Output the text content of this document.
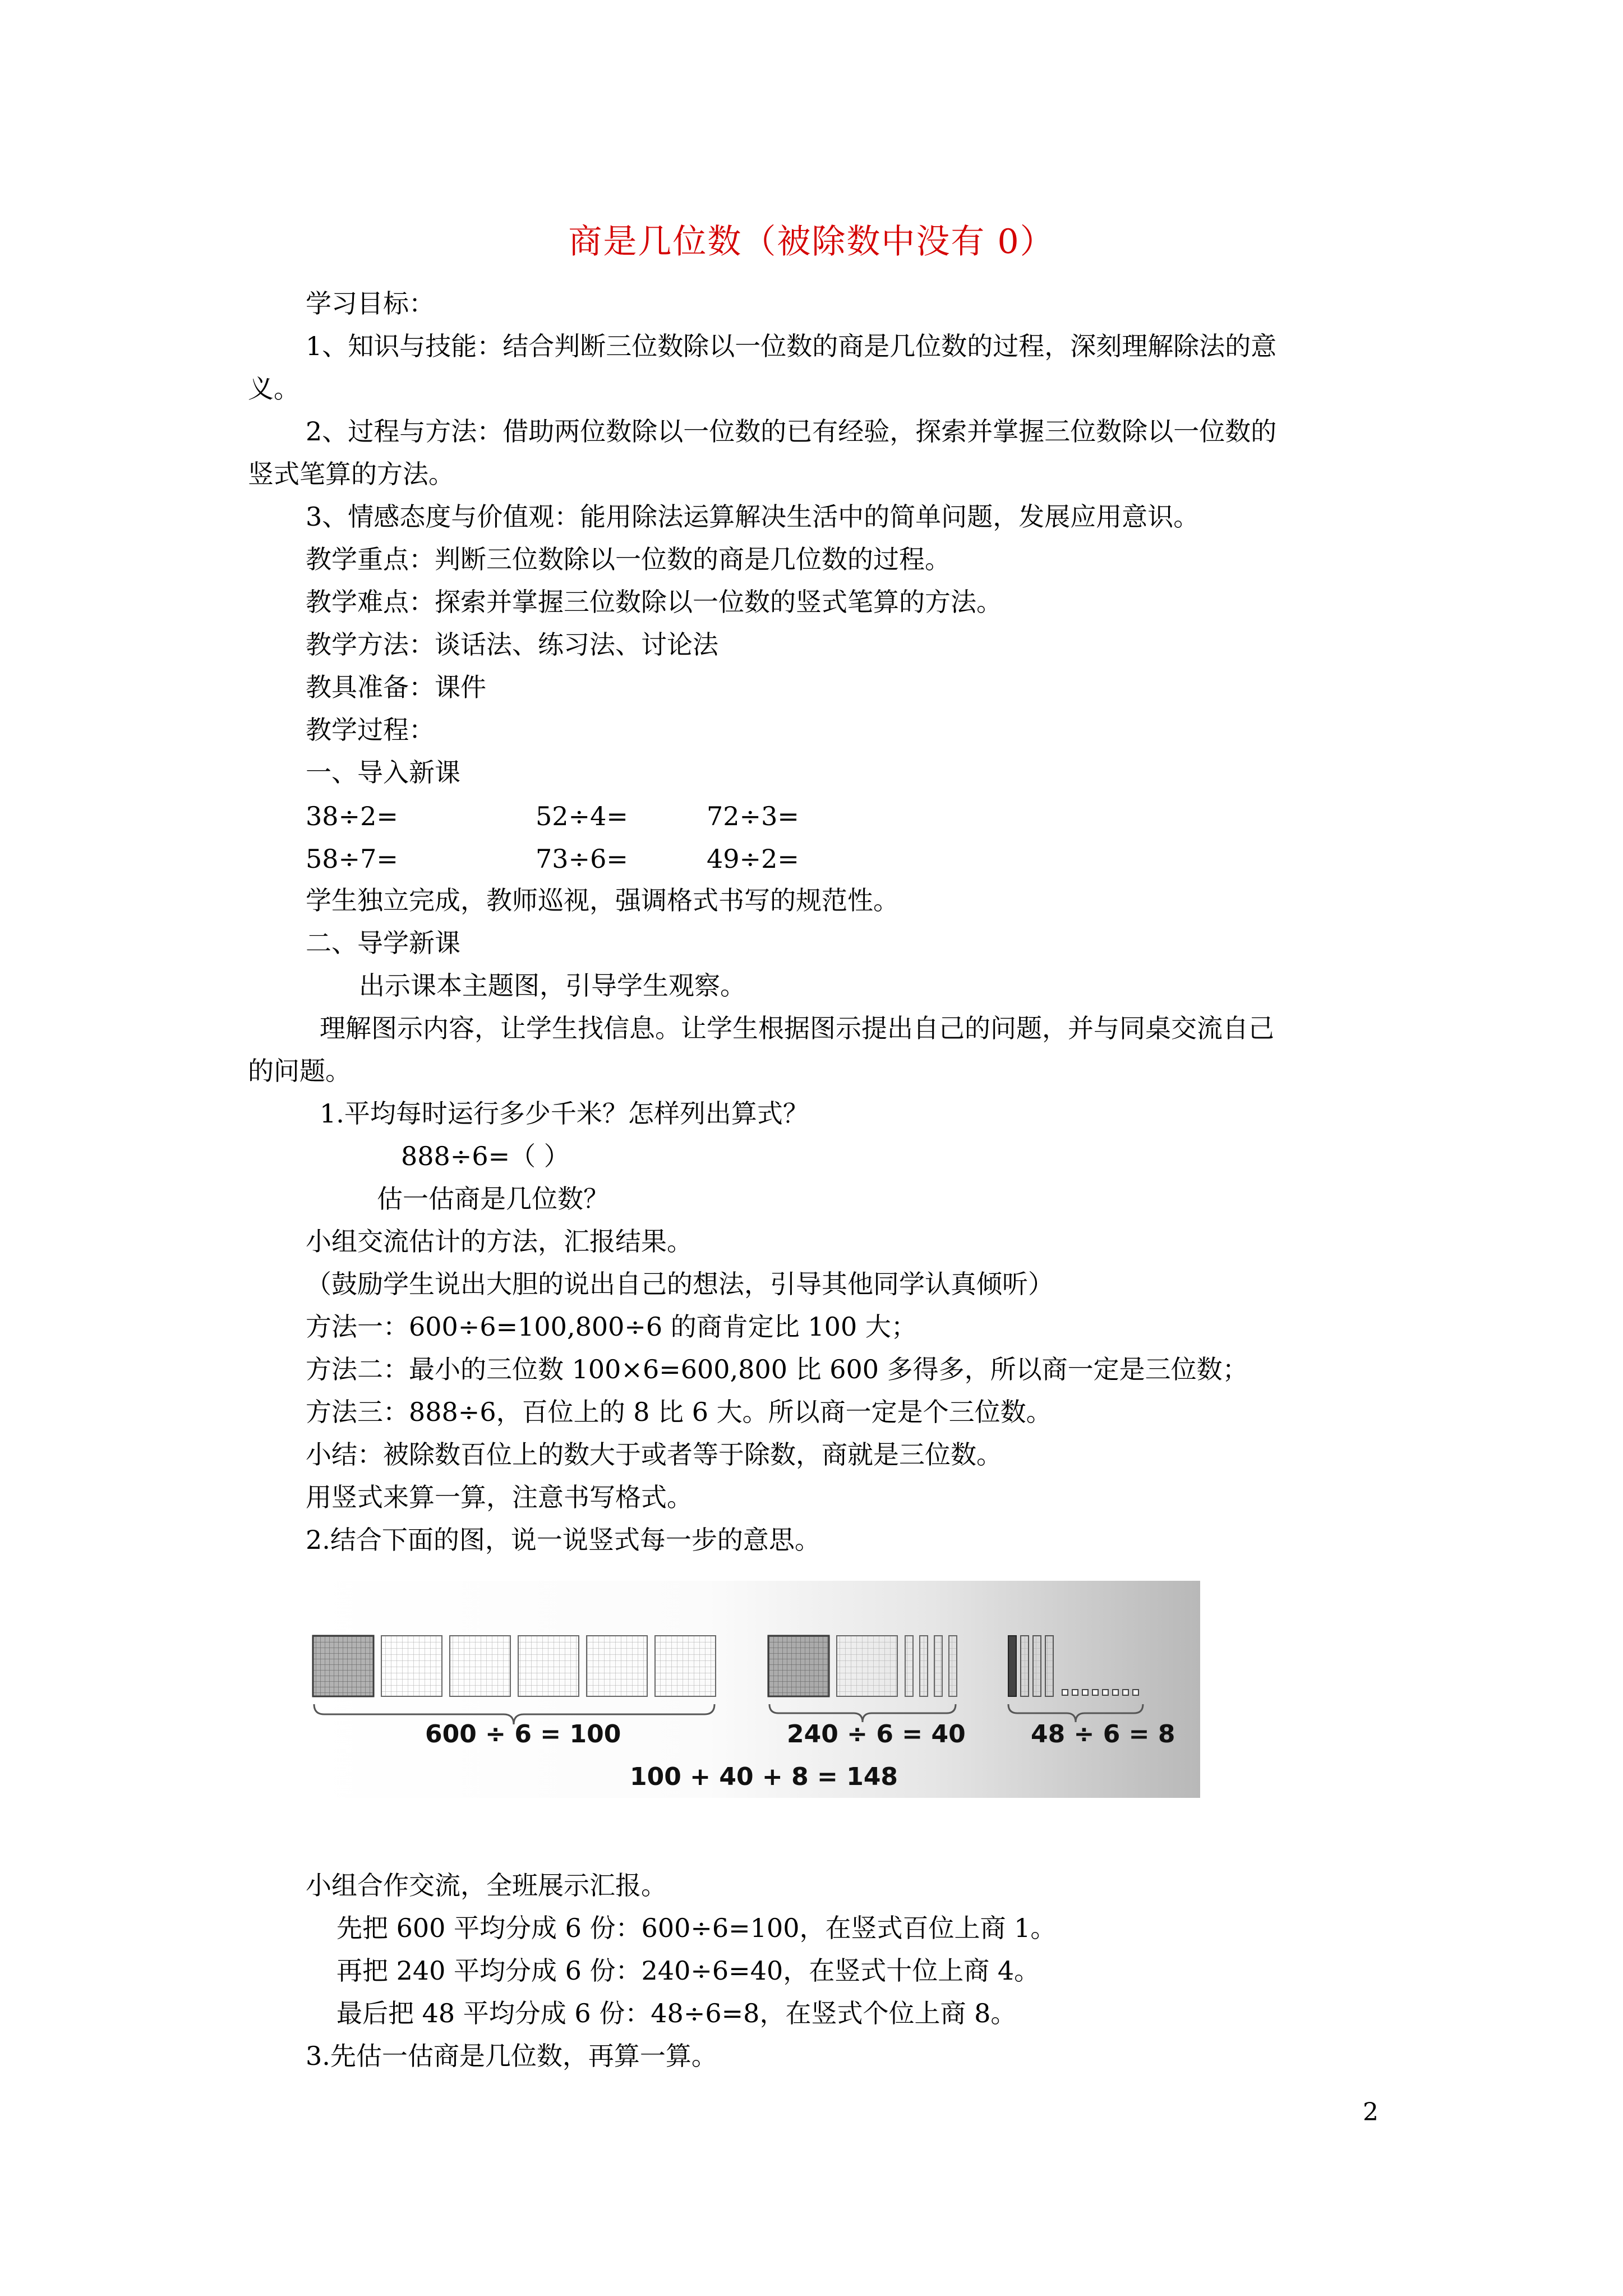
商是几位数（被除数中没有 0）
学习目标：
1、知识与技能：结合判断三位数除以一位数的商是几位数的过程，深刻理解除法的意
义。
2、过程与方法：借助两位数除以一位数的已有经验，探索并掌握三位数除以一位数的
竖式笔算的方法。
3、情感态度与价值观：能用除法运算解决生活中的简单问题，发展应用意识。
教学重点：判断三位数除以一位数的商是几位数的过程。
教学难点：探索并掌握三位数除以一位数的竖式笔算的方法。
教学方法：谈话法、练习法、讨论法
教具准备：课件
教学过程：
一、导入新课
38÷2=	52÷4=	72÷3=
58÷7=	73÷6=	49÷2=
学生独立完成，教师巡视，强调格式书写的规范性。
二、导学新课
出示课本主题图，引导学生观察。
理解图示内容，让学生找信息。让学生根据图示提出自己的问题，并与同桌交流自己
的问题。
1.平均每时运行多少千米？怎样列出算式？
888÷6=（ ）
估一估商是几位数？
小组交流估计的方法，汇报结果。
（鼓励学生说出大胆的说出自己的想法，引导其他同学认真倾听）
方法一：600÷6=100,800÷6 的商肯定比 100 大；
方法二：最小的三位数 100×6=600,800 比 600 多得多，所以商一定是三位数；
方法三：888÷6，百位上的 8 比 6 大。所以商一定是个三位数。
小结：被除数百位上的数大于或者等于除数，商就是三位数。
用竖式来算一算，注意书写格式。
2.结合下面的图，说一说竖式每一步的意思。
600 ÷ 6 = 100	240 ÷ 6 = 40	48 ÷ 6 = 8
100 + 40 + 8 = 148
小组合作交流，全班展示汇报。
先把 600 平均分成 6 份：600÷6=100，在竖式百位上商 1。
再把 240 平均分成 6 份：240÷6=40，在竖式十位上商 4。
最后把 48 平均分成 6 份：48÷6=8，在竖式个位上商 8。
3.先估一估商是几位数，再算一算。
2
